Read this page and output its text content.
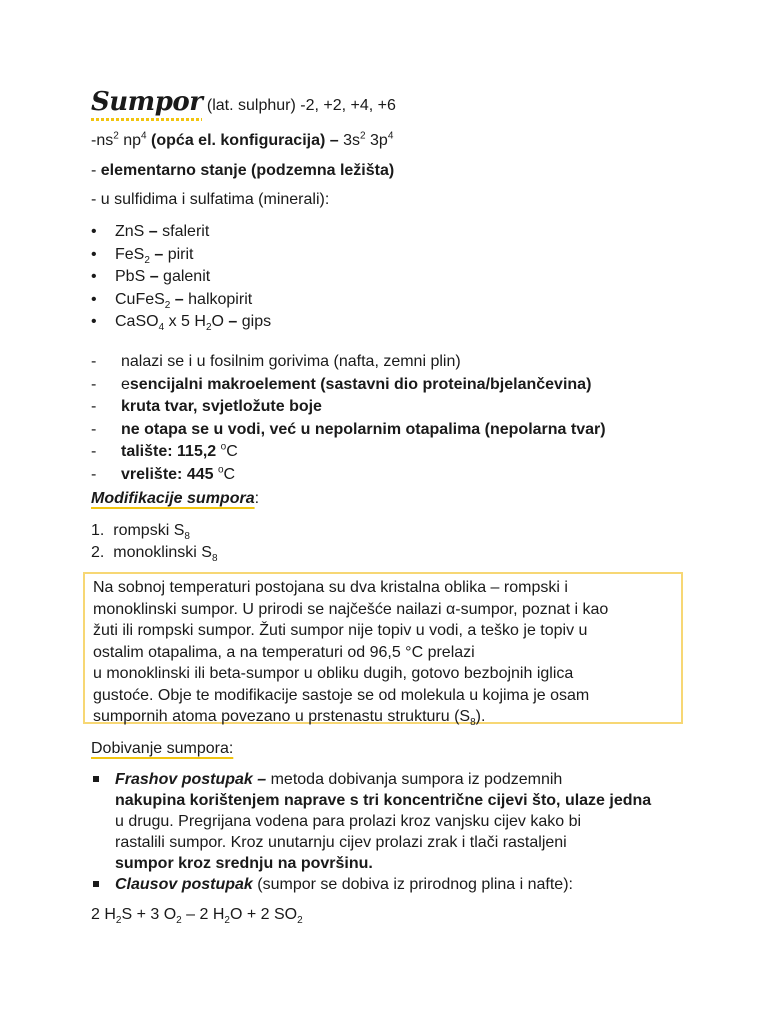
Sumpor (lat. sulphur) -2, +2, +4, +6
$-ns^2$ $np^4$ (opća el. konfiguracija) – $3s^2$ $3p^4$
- elementarno stanje (podzemna ležišta)
- u sulfidima i sulfatima (minerali):
• ZnS – sfalerit
• FeS$_2$ – pirit
• PbS – galenit
• CuFeS$_2$ – halkopirit
• CaSO$_4$ x 5 $H_2O$ – gips
- nalazi se i u fosilnim gorivima (nafta, zemni plin)
- esencijalni makroelement (sastavni dio proteina/bjelančevina)
- kruta tvar, svjetložute boje
- ne otapa se u vodi, već u nepolarnim otapalima (nepolarna tvar)
- talište: 115,2 $^o$C
- vrelište: 445 $^o$C
Modifikacije sumpora:
1. rompski $S_8$
2. monoklinski $S_8$

Na sobnoj temperaturi postojana su dva kristalna oblika – rompski i

monoklinski sumpor. U prirodi se najčešće nailazi α-sumpor, poznat i kao

žuti ili rompski sumpor. Žuti sumpor nije topiv u vodi, a teško je topiv u

ostalim otapalima, a na temperaturi od 96,5 °C prelazi

u monoklinski ili beta-sumpor u obliku dugih, gotovo bezbojnih iglica

gustoće. Obje te modifikacije sastoje se od molekula u kojima je osam

sumpornih atoma povezano u prstenastu strukturu $(S_8)$.

Dobivanje sumpora:
Frashov postupak – metoda dobivanja sumpora iz podzemnih
nakupina korištenjem naprave s tri koncentrične cijevi što, ulaze jedna
u drugu. Pregrijana vodena para prolazi kroz vanjsku cijev kako bi
rastalili sumpor. Kroz unutarnju cijev prolazi zrak i tlači rastaljeni
sumpor kroz srednju na površinu.
Clausov postupak (sumpor se dobiva iz prirodnog plina i nafte):
2 $H_2S + 3$ $O_2 - 2$ $H_2O + 2$ $SO_2$
